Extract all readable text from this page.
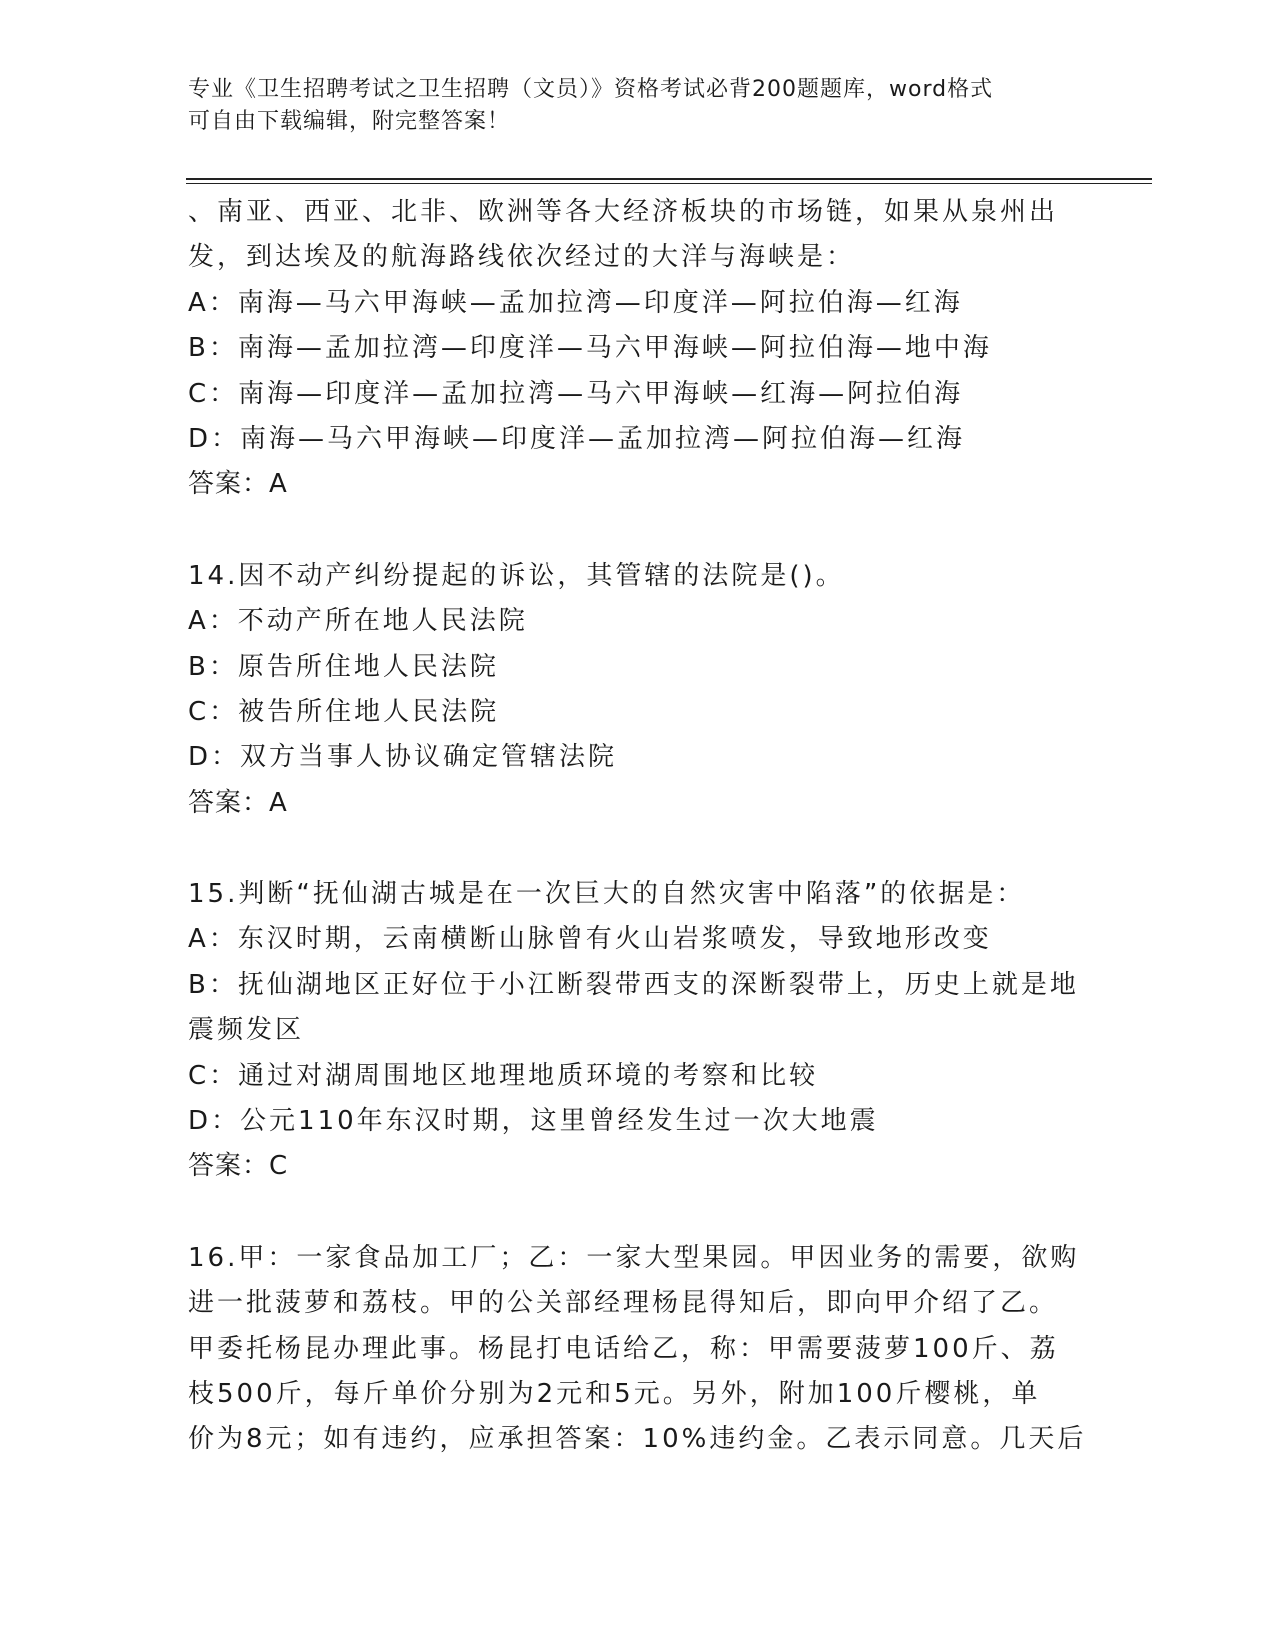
专业《卫生招聘考试之卫生招聘（文员）》资格考试必背200题题库，word格式
可自由下载编辑，附完整答案！
、南亚、西亚、北非、欧洲等各大经济板块的市场链，如果从泉州出
发，到达埃及的航海路线依次经过的大洋与海峡是：
A：南海—马六甲海峡—孟加拉湾—印度洋—阿拉伯海—红海
B：南海—孟加拉湾—印度洋—马六甲海峡—阿拉伯海—地中海
C：南海—印度洋—孟加拉湾—马六甲海峡—红海—阿拉伯海
D：南海—马六甲海峡—印度洋—孟加拉湾—阿拉伯海—红海
答案：A
14.因不动产纠纷提起的诉讼，其管辖的法院是()。
A：不动产所在地人民法院
B：原告所住地人民法院
C：被告所住地人民法院
D：双方当事人协议确定管辖法院
答案：A
15.判断“抚仙湖古城是在一次巨大的自然灾害中陷落”的依据是：
A：东汉时期，云南横断山脉曾有火山岩浆喷发，导致地形改变
B：抚仙湖地区正好位于小江断裂带西支的深断裂带上，历史上就是地
震频发区
C：通过对湖周围地区地理地质环境的考察和比较
D：公元110年东汉时期，这里曾经发生过一次大地震
答案：C
16.甲：一家食品加工厂；乙：一家大型果园。甲因业务的需要，欲购
进一批菠萝和荔枝。甲的公关部经理杨昆得知后，即向甲介绍了乙。
甲委托杨昆办理此事。杨昆打电话给乙，称：甲需要菠萝100斤、荔
枝500斤，每斤单价分别为2元和5元。另外，附加100斤樱桃，单
价为8元；如有违约，应承担答案：10%违约金。乙表示同意。几天后
